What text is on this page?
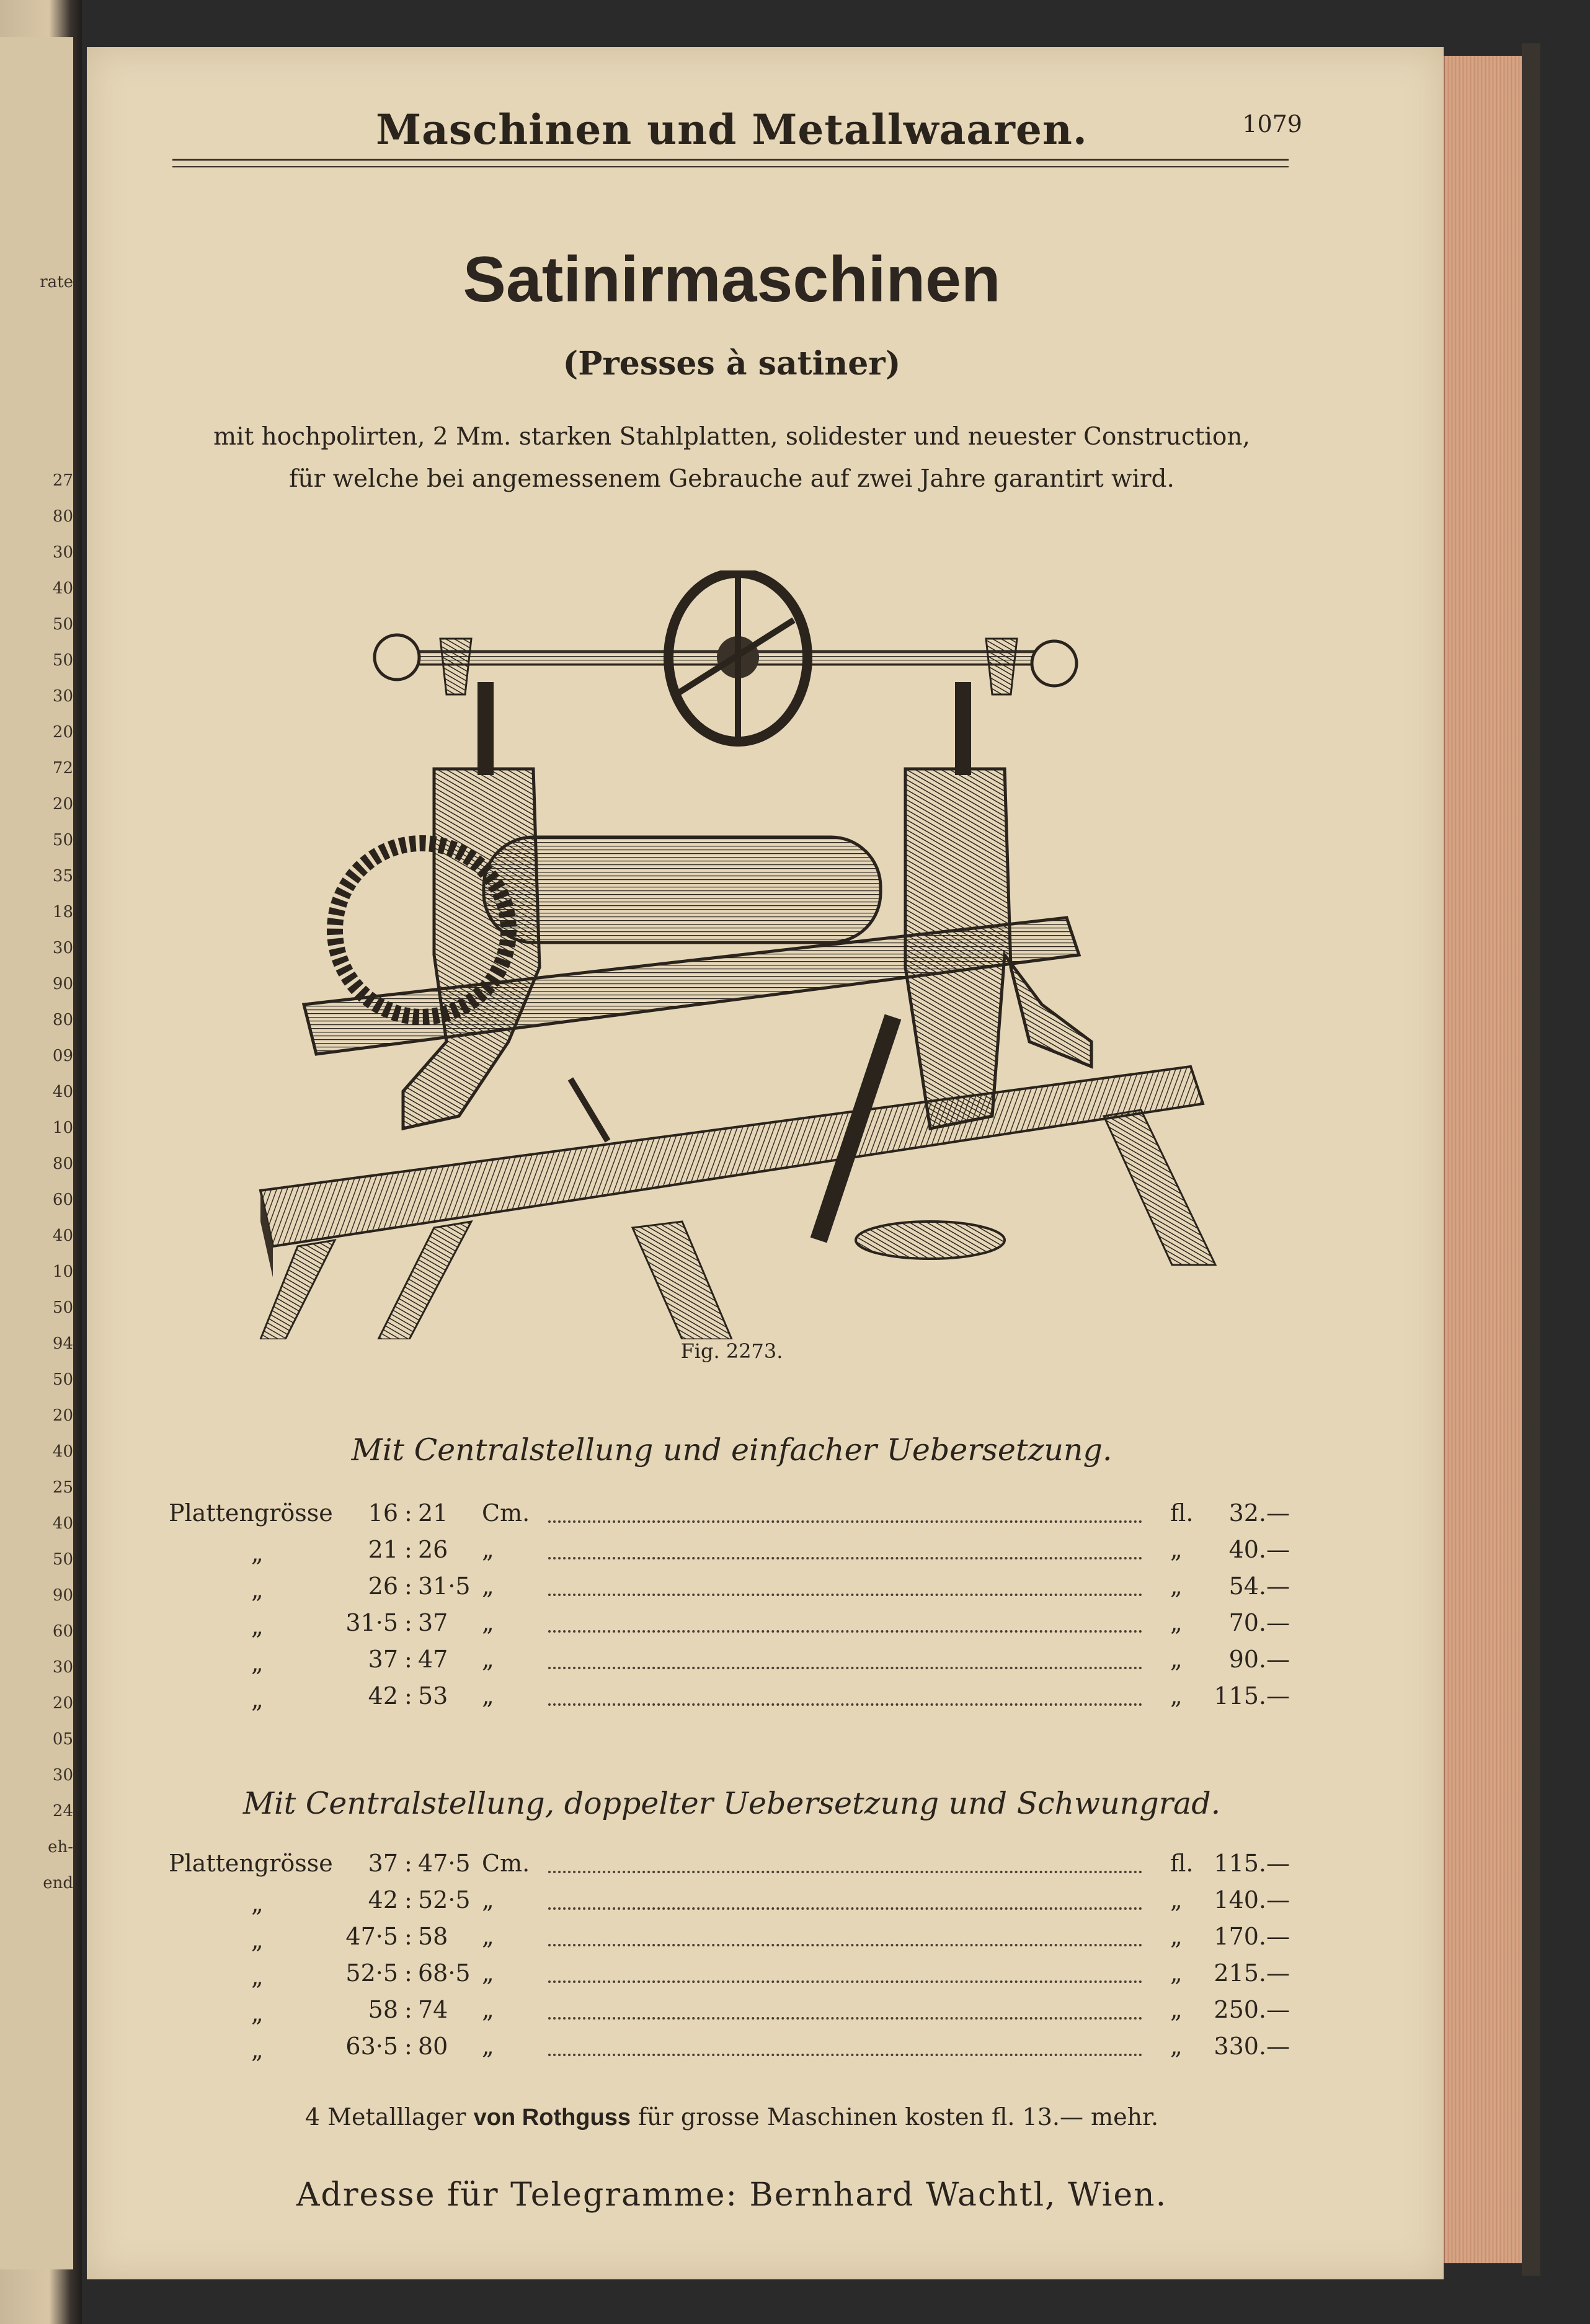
rate
27
80
30
40
50
50
30
20
72
20
50
35
18
30
90
80
09
40
10
80
60
40
10
50
94
50
20
40
25
40
50
90
60
30
20
05
30
24
eh-
end
Maschinen und Metallwaaren.	1079
Satinirmaschinen
(Presses à satiner)
mit hochpolirten, 2 Mm. starken Stahlplatten, solidester und neuester Construction,
für welche bei angemessenem Gebrauche auf zwei Jahre garantirt wird.
Fig. 2273.
Mit Centralstellung und einfacher Uebersetzung.
Plattengrösse	16 : 21 Cm.	fl. 32.—
„	21 : 26 „	„ 40.—
„	26 : 31·5 „	„ 54.—
„	31·5 : 37 „	„ 70.—
„	37 : 47 „	„ 90.—
„	42 : 53 „	„ 115.—
Mit Centralstellung, doppelter Uebersetzung und Schwungrad.
Plattengrösse	37 : 47·5 Cm.	fl. 115.—
„	42 : 52·5 „	„ 140.—
„	47·5 : 58 „	„ 170.—
„	52·5 : 68·5 „	„ 215.—
„	58 : 74 „	„ 250.—
„	63·5 : 80 „	„ 330.—
4 Metalllager von Rothguss für grosse Maschinen kosten fl. 13.— mehr.
Adresse für Telegramme: Bernhard Wachtl, Wien.
